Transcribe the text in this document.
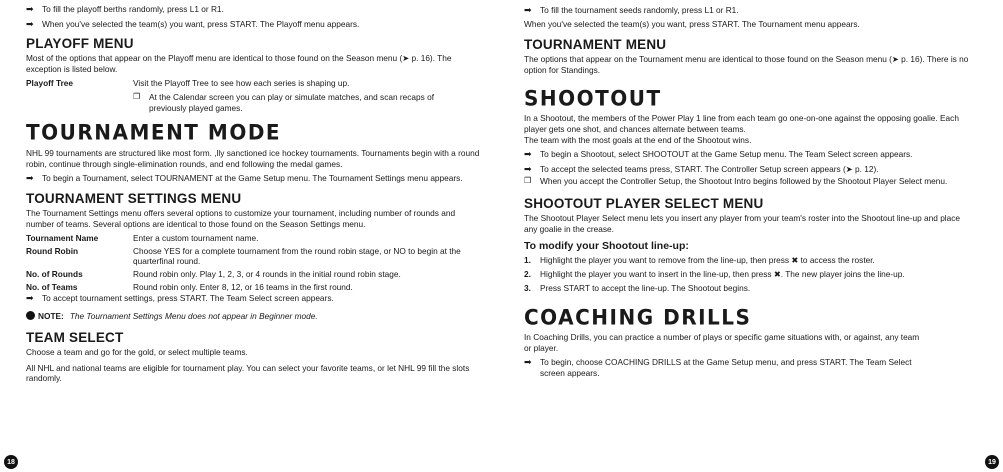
➡	To fill the playoff berths randomly, press L1 or R1.

➡	When you've selected the team(s) you want, press START. The Playoff menu appears.

PLAYOFF MENU

Most of the options that appear on the Playoff menu are identical to those found on the Season menu (➤ p. 16). The exception is listed below.

Playoff Tree	Visit the Playoff Tree to see how each series is shaping up.
❒	At the Calendar screen you can play or simulate matches, and scan recaps of previously played games.

TOURNAMENT MODE

NHL 99 tournaments are structured like most form. ,lly sanctioned ice hockey tournaments. Tournaments begin with a round robin, continue through single-elimination rounds, and end following the medal games.

➡	To begin a Tournament, select TOURNAMENT at the Game Setup menu. The Tournament Settings menu appears.

TOURNAMENT SETTINGS MENU

The Tournament Settings menu offers several options to customize your tournament, including number of rounds and number of teams. Several options are identical to those found on the Season Settings menu.

Tournament Name	Enter a custom tournament name.
Round Robin	Choose YES for a complete tournament from the round robin stage, or NO to begin at the quarterfinal round.
No. of Rounds	Round robin only. Play 1, 2, 3, or 4 rounds in the initial round robin stage.
No. of Teams	Round robin only. Enter 8, 12, or 16 teams in the first round.
➡	To accept tournament settings, press START. The Team Select screen appears.

NOTE: The Tournament Settings Menu does not appear in Beginner mode.
TEAM SELECT

Choose a team and go for the gold, or select multiple teams.

All NHL and national teams are eligible for tournament play. You can select your favorite teams, or let NHL 99 fill the slots randomly.

18
➡	To fill the tournament seeds randomly, press L1 or R1.

When you've selected the team(s) you want, press START. The Tournament menu appears.

TOURNAMENT MENU

The options that appear on the Tournament menu are identical to those found on the Season menu (➤ p. 16). There is no option for Standings.

SHOOTOUT

In a Shootout, the members of the Power Play 1 line from each team go one-on-one against the opposing goalie. Each player gets one shot, and chances alternate between teams.

The team with the most goals at the end of the Shootout wins.

➡	To begin a Shootout, select SHOOTOUT at the Game Setup menu. The Team Select screen appears.

➡	To accept the selected teams press, START. The Controller Setup screen appears (➤ p. 12).

❒	When you accept the Controller Setup, the Shootout Intro begins followed by the Shootout Player Select menu.

SHOOTOUT PLAYER SELECT MENU

The Shootout Player Select menu lets you insert any player from your team's roster into the Shootout line-up and place any goalie in the crease.

To modify your Shootout line-up:
1.	Highlight the player you want to remove from the line-up, then press ✖ to access the roster.
2.	Highlight the player you want to insert in the line-up, then press ✖. The new player joins the line-up.
3.	Press START to accept the line-up. The Shootout begins.
COACHING DRILLS

In Coaching Drills, you can practice a number of plays or specific game situations with, or against, any team or player.

➡	To begin, choose COACHING DRILLS at the Game Setup menu, and press START. The Team Select screen appears.

19
